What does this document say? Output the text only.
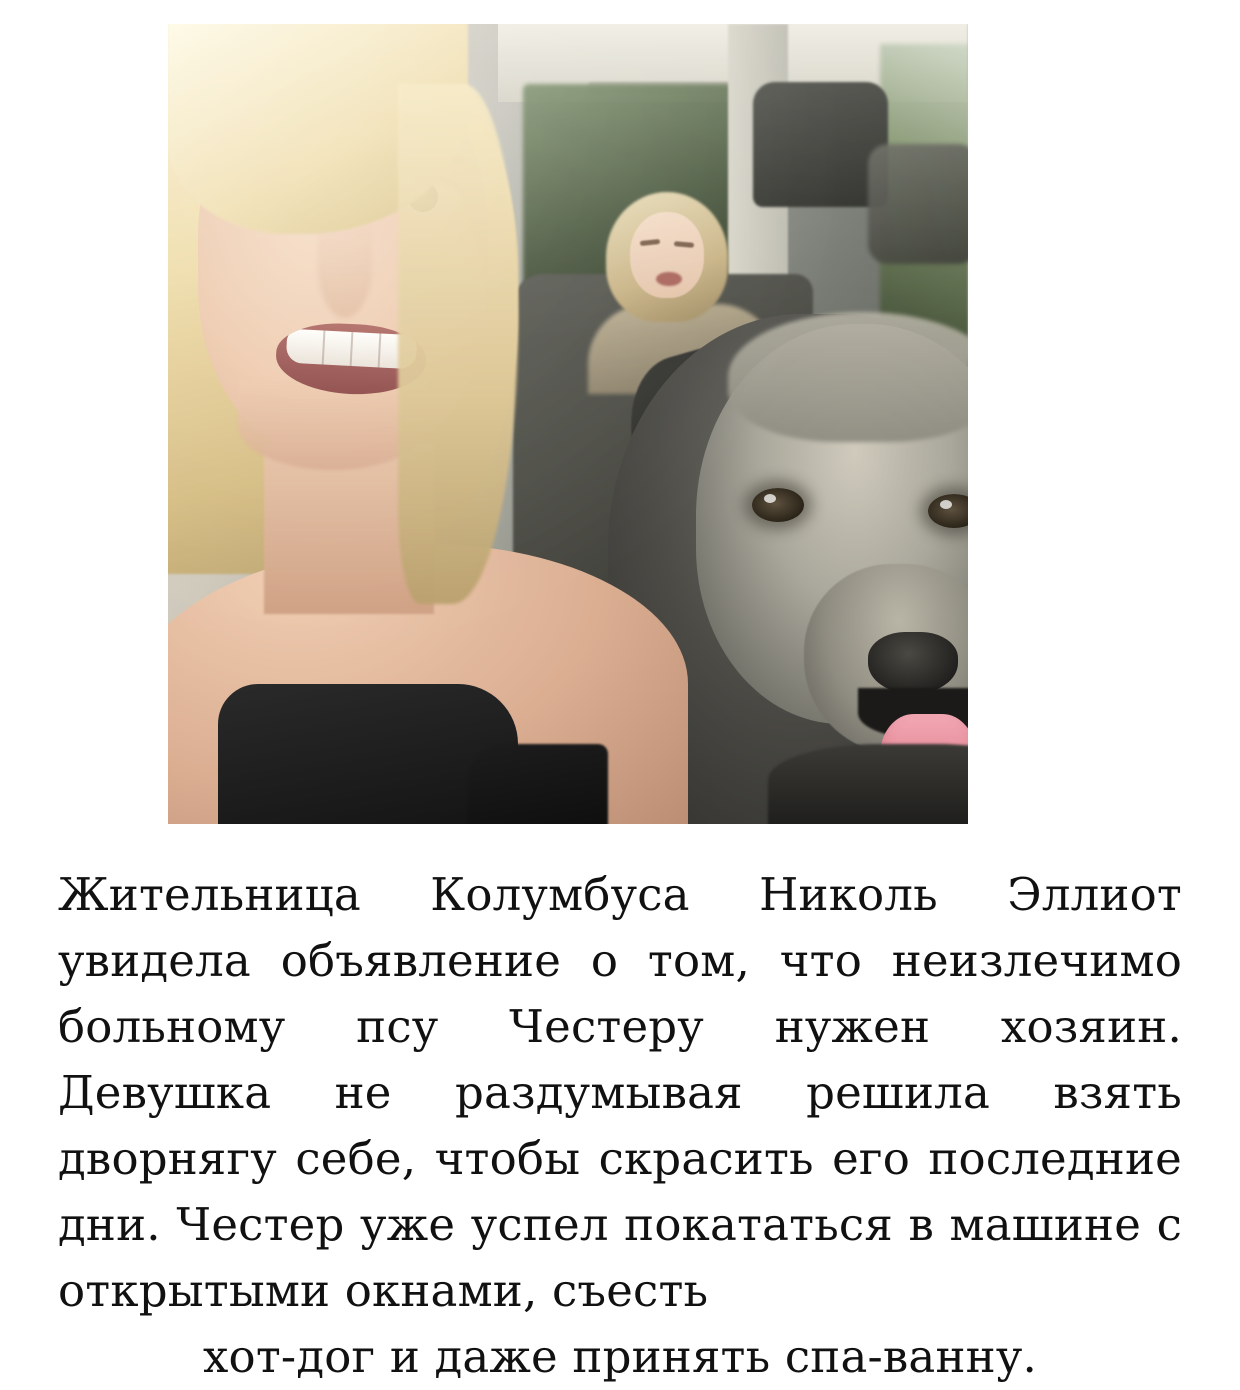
Жительница Колумбуса Николь Эллиот увидела объявление о том, что неизлечимо больному псу Честеру нужен хозяин. Девушка не раздумывая решила взять дворнягу себе, чтобы скрасить его последние дни. Честер уже успел покататься в машине с открытыми окнами, съесть

хот-дог и даже принять спа-ванну.
